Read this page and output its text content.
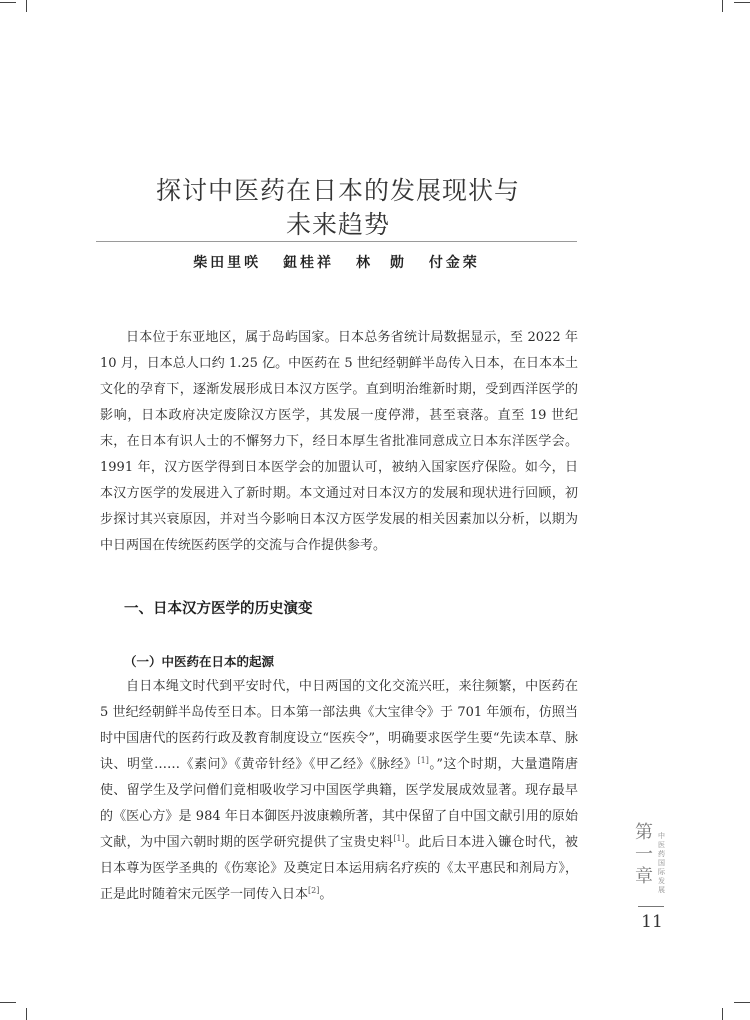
探讨中医药在日本的发展现状与
未来趋势
柴田里咲 鈕桂祥 林　勋 付金荣

日本位于东亚地区，属于岛屿国家。日本总务省统计局数据显示，至 2022 年 10 月，日本总人口约 1.25 亿。中医药在 5 世纪经朝鲜半岛传入日本，在日本本土文化的孕育下，逐渐发展形成日本汉方医学。直到明治维新时期，受到西洋医学的影响，日本政府决定废除汉方医学，其发展一度停滞，甚至衰落。直至 19 世纪末，在日本有识人士的不懈努力下，经日本厚生省批准同意成立日本东洋医学会。1991 年，汉方医学得到日本医学会的加盟认可，被纳入国家医疗保险。如今，日本汉方医学的发展进入了新时期。本文通过对日本汉方的发展和现状进行回顾，初步探讨其兴衰原因，并对当今影响日本汉方医学发展的相关因素加以分析，以期为中日两国在传统医药医学的交流与合作提供参考。

一、日本汉方医学的历史演变
（一）中医药在日本的起源

自日本绳文时代到平安时代，中日两国的文化交流兴旺，来往频繁，中医药在 5 世纪经朝鲜半岛传至日本。日本第一部法典《大宝律令》于 701 年颁布，仿照当时中国唐代的医药行政及教育制度设立“医疾令”，明确要求医学生要“先读本草、脉诀、明堂……《素问》《黄帝针经》《甲乙经》《脉经》[1]。”这个时期，大量遣隋唐使、留学生及学问僧们竟相吸收学习中国医学典籍，医学发展成效显著。现存最早的《医心方》是 984 年日本御医丹波康赖所著，其中保留了自中国文献引用的原始文献，为中国六朝时期的医学研究提供了宝贵史料[1]。此后日本进入镰仓时代，被日本尊为医学圣典的《伤寒论》及奠定日本运用病名疗疾的《太平惠民和剂局方》，正是此时随着宋元医学一同传入日本[2]。

第一章
中医药国际发展
11
